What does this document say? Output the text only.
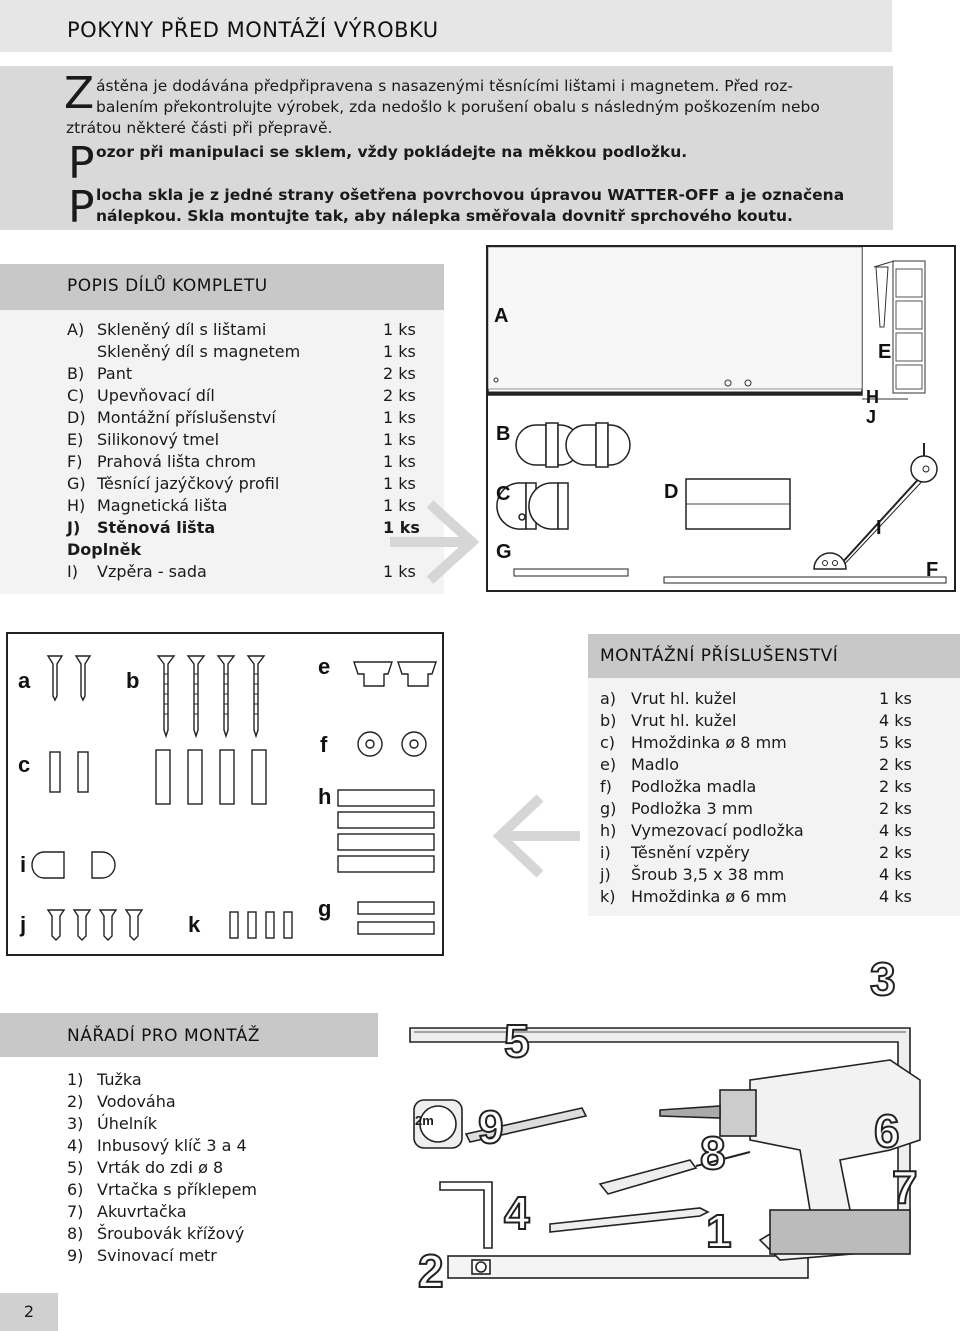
POKYNY PŘED MONTÁŽÍ VÝROBKU
Z ástěna je dodávána předpřipravena s nasazenými těsnícími lištami i magnetem. Před roz-
balením překontrolujte výrobek, zda nedošlo k porušení obalu s následným poškozením nebo
ztrátou některé části při přepravě.
P ozor při manipulaci se sklem, vždy pokládejte na měkkou podložku.
P locha skla je z jedné strany ošetřena povrchovou úpravou WATTER-OFF a je označena
nálepkou. Skla montujte tak, aby nálepka směřovala dovnitř sprchového koutu.
POPIS DÍLŮ KOMPLETU
A) Skleněný díl s lištami	1 ks
Skleněný díl s magnetem	1 ks
B) Pant	2 ks
C) Upevňovací díl	2 ks
D) Montážní příslušenství	1 ks
E) Silikonový tmel	1 ks
F) Prahová lišta chrom	1 ks
G) Těsnící jazýčkový profil	1 ks
H) Magnetická lišta	1 ks
J) Stěnová lišta	1 ks
Doplněk
I) Vzpěra - sada	1 ks
A
E
H
J
B
C	D
I
G
F
a	b
e
c
f
h
i
g
j	k
MONTÁŽNÍ PŘÍSLUŠENSTVÍ
a) Vrut hl. kužel	1 ks
b) Vrut hl. kužel	4 ks
c) Hmoždinka ø 8 mm	5 ks
e) Madlo	2 ks
f) Podložka madla	2 ks
g) Podložka 3 mm	2 ks
h) Vymezovací podložka	4 ks
i) Těsnění vzpěry	2 ks
j) Šroub 3,5 x 38 mm	4 ks
k) Hmoždinka ø 6 mm	4 ks
NÁŘADÍ PRO MONTÁŽ
1) Tužka
2) Vodováha
3) Úhelník
4) Inbusový klíč 3 a 4
5) Vrták do zdi ø 8
6) Vrtačka s příklepem
7) Akuvrtačka
8) Šroubovák křížový
9) Svinovací metr
2m
1
2
3
4
5
6
7
8
9
2
